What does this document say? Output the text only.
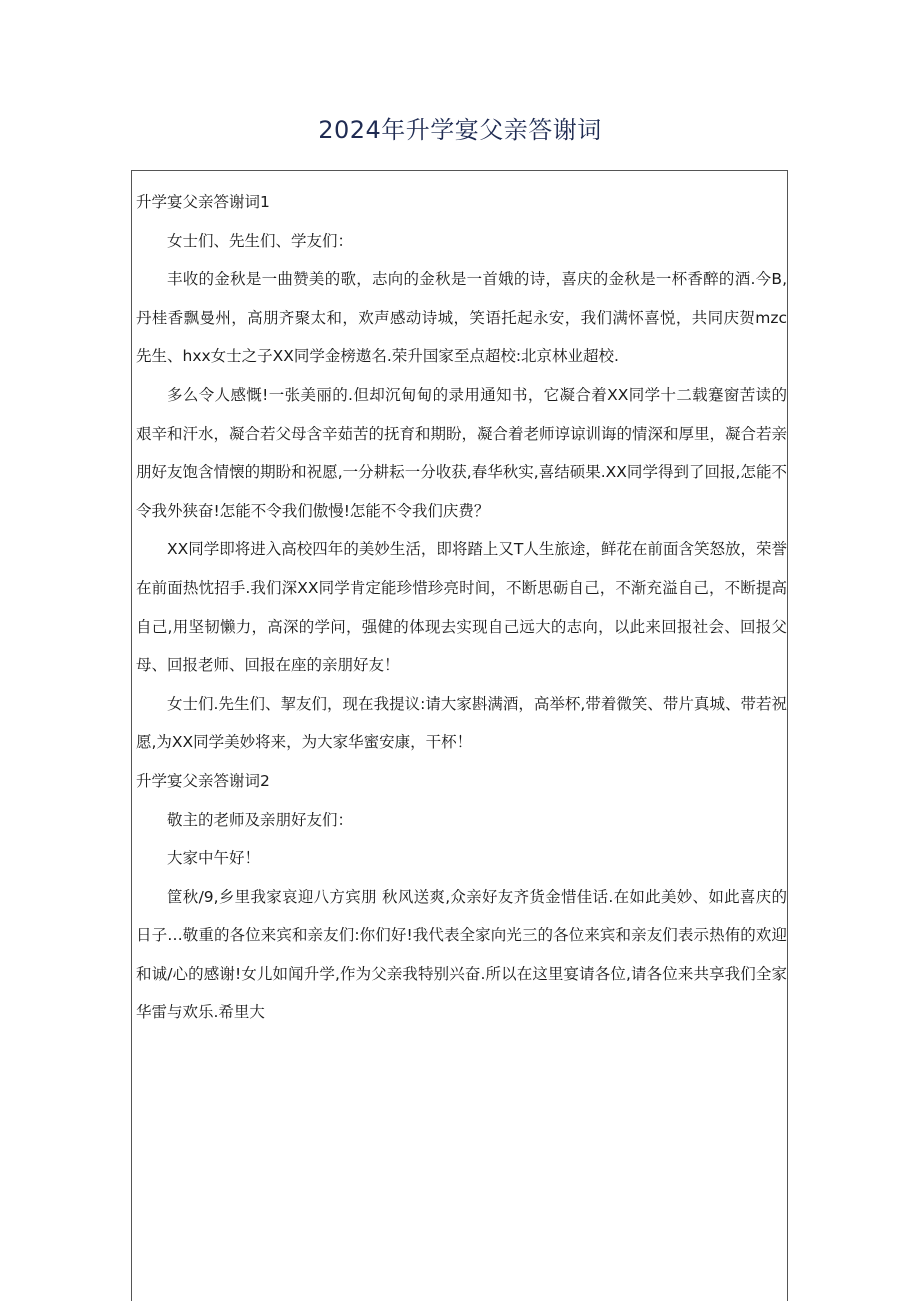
2024年升学宴父亲答谢词

升学宴父亲答谢词1

女士们、先生们、学友们：

丰收的金秋是一曲赞美的歌，志向的金秋是一首娥的诗，喜庆的金秋是一杯香醉的酒.今B,丹桂香飘曼州，高朋齐聚太和，欢声感动诗城，笑语托起永安，我们满怀喜悦，共同庆贺mzc先生、hxx女士之子XX同学金榜遨名.荣升国家至点超校:北京林业超校.

多么令人感慨!一张美丽的.但却沉甸甸的录用通知书，它凝合着XX同学十二载蹇窗苦读的艰辛和汗水，凝合若父母含辛茹苦的抚育和期盼，凝合着老师谆谅训诲的情深和厚里，凝合若亲朋好友饱含情懐的期盼和祝愿,一分耕耘一分收获,春华秋实,喜结硕果.XX同学得到了回报,怎能不令我外狭奋!怎能不令我们傲慢!怎能不令我们庆费？

XX同学即将进入高校四年的美妙生活，即将踏上又T人生旅途，鲜花在前面含笑怒放，荣誉在前面热忱招手.我们深XX同学肯定能珍惜珍亮时间，不断思砺自己，不渐充溢自己，不断提高自己,用坚韧懒力，高深的学问，强健的体现去实现自己远大的志向，以此来回报社会、回报父母、回报老师、回报在座的亲朋好友！

女士们.先生们、挈友们，现在我提议:请大家斟满酒，高举杯,带着微笑、带片真城、带若祝愿,为XX同学美妙将来，为大家华蜜安康，干杯！

升学宴父亲答谢词2

敬主的老师及亲朋好友们：

大家中午好！

筐秋/9,乡里我家哀迎八方宾朋 秋风送爽,众亲好友齐货金惜佳话.在如此美妙、如此喜庆的日子…敬重的各位来宾和亲友们:你们好!我代表全家向光三的各位来宾和亲友们表示热侑的欢迎和诚/心的感谢!女儿如闻升学,作为父亲我特别兴奋.所以在这里宴请各位,请各位来共享我们全家华雷与欢乐.希里大
